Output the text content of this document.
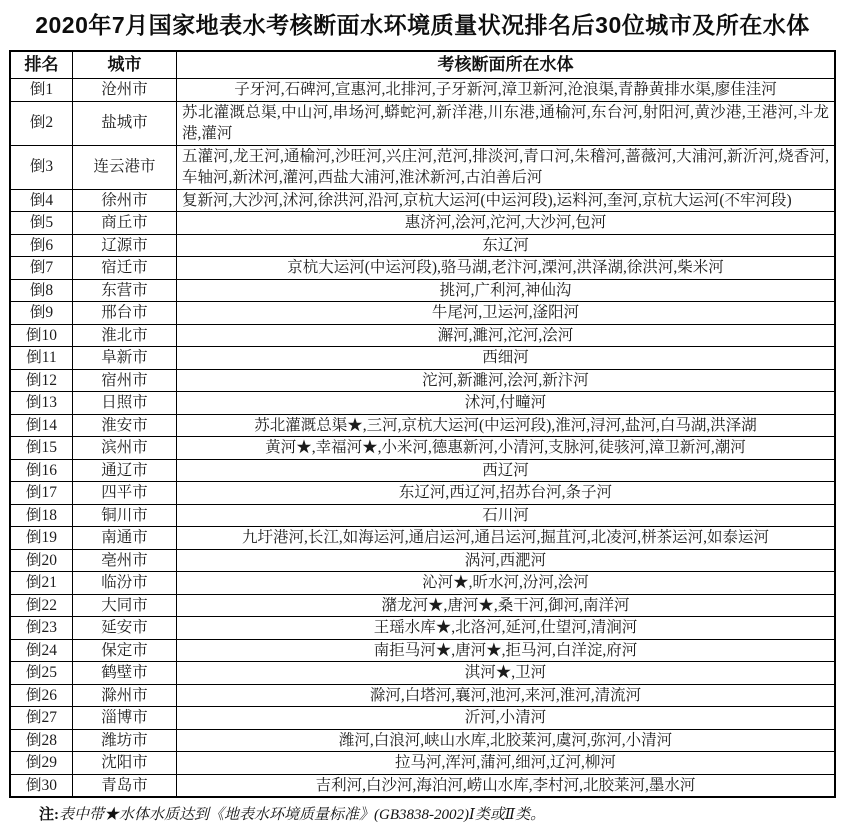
2020年7月国家地表水考核断面水环境质量状况排名后30位城市及所在水体
排名	城市	考核断面所在水体
倒1	沧州市	子牙河,石碑河,宣惠河,北排河,子牙新河,漳卫新河,沧浪渠,青静黄排水渠,廖佳洼河
倒2	盐城市	苏北灌溉总渠,中山河,串场河,蟒蛇河,新洋港,川东港,通榆河,东台河,射阳河,黄沙港,王港河,斗龙港,灌河
倒3	连云港市	五灌河,龙王河,通榆河,沙旺河,兴庄河,范河,排淡河,青口河,朱稽河,蔷薇河,大浦河,新沂河,烧香河,车轴河,新沭河,灌河,西盐大浦河,淮沭新河,古泊善后河
倒4	徐州市	复新河,大沙河,沭河,徐洪河,沿河,京杭大运河(中运河段),运料河,奎河,京杭大运河(不牢河段)
倒5	商丘市	惠济河,浍河,沱河,大沙河,包河
倒6	辽源市	东辽河
倒7	宿迁市	京杭大运河(中运河段),骆马湖,老汴河,溧河,洪泽湖,徐洪河,柴米河
倒8	东营市	挑河,广利河,神仙沟
倒9	邢台市	牛尾河,卫运河,滏阳河
倒10	淮北市	澥河,濉河,沱河,浍河
倒11	阜新市	西细河
倒12	宿州市	沱河,新濉河,浍河,新汴河
倒13	日照市	沭河,付疃河
倒14	淮安市	苏北灌溉总渠★,三河,京杭大运河(中运河段),淮河,浔河,盐河,白马湖,洪泽湖
倒15	滨州市	黄河★,幸福河★,小米河,德惠新河,小清河,支脉河,徒骇河,漳卫新河,潮河
倒16	通辽市	西辽河
倒17	四平市	东辽河,西辽河,招苏台河,条子河
倒18	铜川市	石川河
倒19	南通市	九圩港河,长江,如海运河,通启运河,通吕运河,掘苴河,北凌河,栟茶运河,如泰运河
倒20	亳州市	涡河,西淝河
倒21	临汾市	沁河★,昕水河,汾河,浍河
倒22	大同市	潴龙河★,唐河★,桑干河,御河,南洋河
倒23	延安市	王瑶水库★,北洛河,延河,仕望河,清涧河
倒24	保定市	南拒马河★,唐河★,拒马河,白洋淀,府河
倒25	鹤壁市	淇河★,卫河
倒26	滁州市	滁河,白塔河,襄河,池河,来河,淮河,清流河
倒27	淄博市	沂河,小清河
倒28	潍坊市	潍河,白浪河,峡山水库,北胶莱河,虞河,弥河,小清河
倒29	沈阳市	拉马河,浑河,蒲河,细河,辽河,柳河
倒30	青岛市	吉利河,白沙河,海泊河,崂山水库,李村河,北胶莱河,墨水河

注:表中带★水体水质达到《地表水环境质量标准》(GB3838-2002)Ⅰ类或Ⅱ类。
